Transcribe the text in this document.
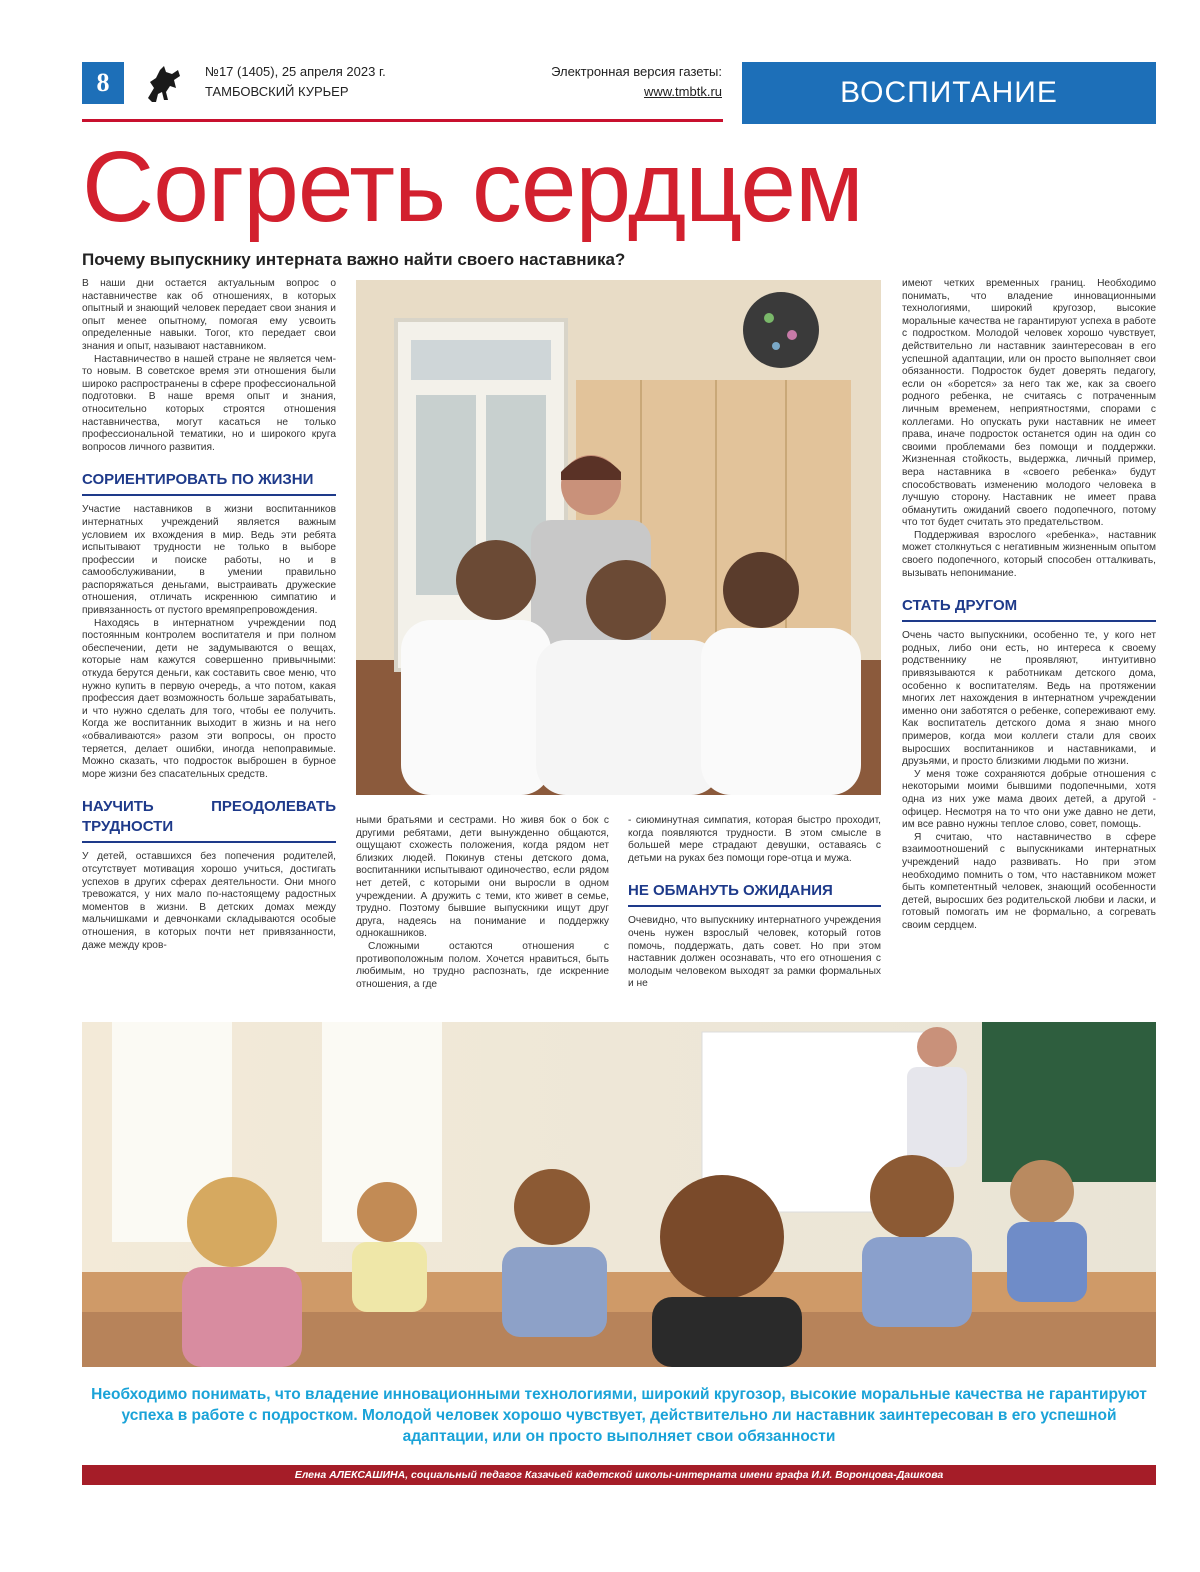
8	№17 (1405), 25 апреля 2023 г.
ТАМБОВСКИЙ КУРЬЕР
Электронная версия газеты:
www.tmbtk.ru	ВОСПИТАНИЕ
Согреть сердцем
Почему выпускнику интерната важно найти своего наставника?

В наши дни остается актуальным вопрос о наставничестве как об отношениях, в которых опытный и знающий человек передает свои знания и опыт менее опытному, помогая ему усвоить определенные навыки. Тогог, кто передает свои знания и опыт, называют наставником.

Наставничество в нашей стране не является чем-то новым. В советское время эти отношения были широко распространены в сфере профессиональной подготовки. В наше время опыт и знания, относительно которых строятся отношения наставничества, могут касаться не только профессиональной тематики, но и широкого круга вопросов личного развития.

СОРИЕНТИРОВАТЬ ПО ЖИЗНИ

Участие наставников в жизни воспитанников интернатных учреждений является важным условием их вхождения в мир. Ведь эти ребята испытывают трудности не только в выборе профессии и поиске работы, но и в самообслуживании, в умении правильно распоряжаться деньгами, выстраивать дружеские отношения, отличать искреннюю симпатию и привязанность от пустого времяпрепровождения.

Находясь в интернатном учреждении под постоянным контролем воспитателя и при полном обеспечении, дети не задумываются о вещах, которые нам кажутся совершенно привычными: откуда берутся деньги, как составить свое меню, что нужно купить в первую очередь, а что потом, какая профессия дает возможность больше зарабатывать, и что нужно сделать для того, чтобы ее получить. Когда же воспитанник выходит в жизнь и на него «обваливаются» разом эти вопросы, он просто теряется, делает ошибки, иногда непоправимые. Можно сказать, что подросток выброшен в бурное море жизни без спасательных средств.

НАУЧИТЬ ПРЕОДОЛЕВАТЬ ТРУДНОСТИ

У детей, оставшихся без попечения родителей, отсутствует мотивация хорошо учиться, достигать успехов в других сферах деятельности. Они много тревожатся, у них мало по-настоящему радостных моментов в жизни. В детских домах между мальчишками и девчонками складываются особые отношения, в которых почти нет привязанности, даже между кров-

ными братьями и сестрами. Но живя бок о бок с другими ребятами, дети вынужденно общаются, ощущают схожесть положения, когда рядом нет близких людей. Покинув стены детского дома, воспитанники испытывают одиночество, если рядом нет детей, с которыми они выросли в одном учреждении. А дружить с теми, кто живет в семье, трудно. Поэтому бывшие выпускники ищут друг друга, надеясь на понимание и поддержку однокашников.

Сложными остаются отношения с противоположным полом. Хочется нравиться, быть любимым, но трудно распознать, где искренние отношения, а где

- сиюминутная симпатия, которая быстро проходит, когда появляются трудности. В этом смысле в большей мере страдают девушки, оставаясь с детьми на руках без помощи горе-отца и мужа.

НЕ ОБМАНУТЬ ОЖИДАНИЯ

Очевидно, что выпускнику интернатного учреждения очень нужен взрослый человек, который готов помочь, поддержать, дать совет. Но при этом наставник должен осознавать, что его отношения с молодым человеком выходят за рамки формальных и не

имеют четких временных границ. Необходимо понимать, что владение инновационными технологиями, широкий кругозор, высокие моральные качества не гарантируют успеха в работе с подростком. Молодой человек хорошо чувствует, действительно ли наставник заинтересован в его успешной адаптации, или он просто выполняет свои обязанности. Подросток будет доверять педагогу, если он «борется» за него так же, как за своего родного ребенка, не считаясь с потраченным личным временем, неприятностями, спорами с коллегами. Но опускать руки наставник не имеет права, иначе подросток останется один на один со своими проблемами без помощи и поддержки. Жизненная стойкость, выдержка, личный пример, вера наставника в «своего ребенка» будут способствовать изменению молодого человека в лучшую сторону. Наставник не имеет права обманутить ожиданий своего подопечного, потому что тот будет считать это предательством.

Поддерживая взрослого «ребенка», наставник может столкнуться с негативным жизненным опытом своего подопечного, который способен отталкивать, вызывать непонимание.

СТАТЬ ДРУГОМ

Очень часто выпускники, особенно те, у кого нет родных, либо они есть, но интереса к своему родственнику не проявляют, интуитивно привязываются к работникам детского дома, особенно к воспитателям. Ведь на протяжении многих лет нахождения в интернатном учреждении именно они заботятся о ребенке, сопереживают ему. Как воспитатель детского дома я знаю много примеров, когда мои коллеги стали для своих выросших воспитанников и наставниками, и друзьями, и просто близкими людьми по жизни.

У меня тоже сохраняются добрые отношения с некоторыми моими бывшими подопечными, хотя одна из них уже мама двоих детей, а другой - офицер. Несмотря на то что они уже давно не дети, им все равно нужны теплое слово, совет, помощь.

Я считаю, что наставничество в сфере взаимоотношений с выпускниками интернатных учреждений надо развивать. Но при этом необходимо помнить о том, что наставником может быть компетентный человек, знающий особенности детей, выросших без родительской любви и ласки, и готовый помогать им не формально, а согревать своим сердцем.

Необходимо понимать, что владение инновационными технологиями, широкий кругозор, высокие моральные качества не гарантируют успеха в работе с подростком. Молодой человек хорошо чувствует, действительно ли наставник заинтересован в его успешной адаптации, или он просто выполняет свои обязанности
Елена АЛЕКСАШИНА, социальный педагог Казачьей кадетской школы-интерната имени графа И.И. Воронцова-Дашкова
